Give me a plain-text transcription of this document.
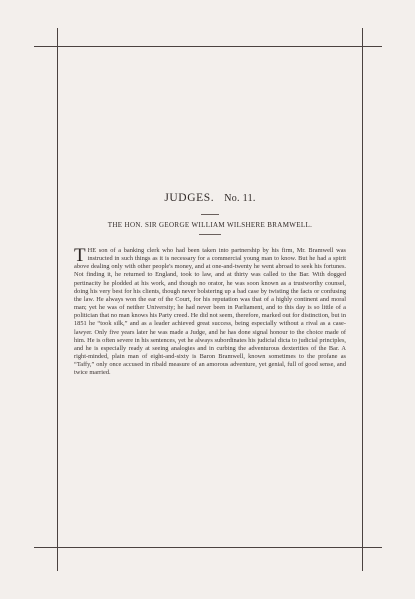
JUDGES. No. 11.
THE HON. SIR GEORGE WILLIAM WILSHERE BRAMWELL.
THE son of a banking clerk who had been taken into partnership by his firm, Mr. Bramwell was instructed in such things as it is necessary for a commercial young man to know. But he had a spirit above dealing only with other people's money, and at one-and-twenty he went abroad to seek his fortunes. Not finding it, he returned to England, took to law, and at thirty was called to the Bar. With dogged pertinacity he plodded at his work, and though no orator, he was soon known as a trustworthy counsel, doing his very best for his clients, though never bolstering up a bad case by twisting the facts or confusing the law. He always won the ear of the Court, for his reputation was that of a highly continent and moral man; yet he was of neither University; he had never been in Parliament, and to this day is so little of a politician that no man knows his Party creed. He did not seem, therefore, marked out for distinction, but in 1851 he “took silk,” and as a leader achieved great success, being especially without a rival as a case-lawyer. Only five years later he was made a Judge, and he has done signal honour to the choice made of him. He is often severe in his sentences, yet he always subordinates his judicial dicta to judicial principles, and he is especially ready at seeing analogies and in curbing the adventurous dexterities of the Bar. A right-minded, plain man of eight-and-sixty is Baron Bramwell, known sometimes to the profane as “Taffy,” only once accused in ribald measure of an amorous adventure, yet genial, full of good sense, and twice married.
